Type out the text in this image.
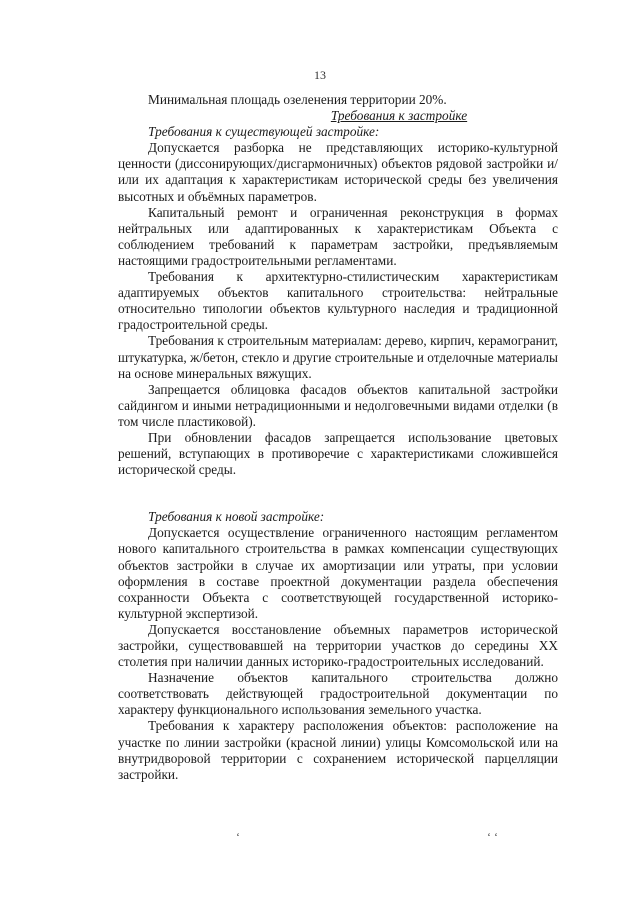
13

Минимальная площадь озеленения территории 20%.

Требования к застройке

Требования к существующей застройке:

Допускается разборка не представляющих историко-культурной ценности (диссонирующих/дисгармоничных) объектов рядовой застройки и/или их адаптация к характеристикам исторической среды без увеличения высотных и объёмных параметров.

Капитальный ремонт и ограниченная реконструкция в формах нейтральных или адаптированных к характеристикам Объекта с соблюдением требований к параметрам застройки, предъявляемым настоящими градостроительными регламентами.

Требования к архитектурно-стилистическим характеристикам адаптируемых объектов капитального строительства: нейтральные относительно типологии объектов культурного наследия и традиционной градостроительной среды.

Требования к строительным материалам: дерево, кирпич, керамогранит, штукатурка, ж/бетон, стекло и другие строительные и отделочные материалы на основе минеральных вяжущих.

Запрещается облицовка фасадов объектов капитальной застройки сайдингом и иными нетрадиционными и недолговечными видами отделки (в том числе пластиковой).

При обновлении фасадов запрещается использование цветовых решений, вступающих в противоречие с характеристиками сложившейся исторической среды.

Требования к новой застройке:

Допускается осуществление ограниченного настоящим регламентом нового капитального строительства в рамках компенсации существующих объектов застройки в случае их амортизации или утраты, при условии оформления в составе проектной документации раздела обеспечения сохранности Объекта с соответствующей государственной историко-культурной экспертизой.

Допускается восстановление объемных параметров исторической застройки, существовавшей на территории участков до середины XX столетия при наличии данных историко-градостроительных исследований.

Назначение объектов капитального строительства должно соответствовать действующей градостроительной документации по характеру функционального использования земельного участка.

Требования к характеру расположения объектов: расположение на участке по линии застройки (красной линии) улицы Комсомольской или на внутридворовой территории с сохранением исторической парцелляции застройки.

‘	‘ ‘
